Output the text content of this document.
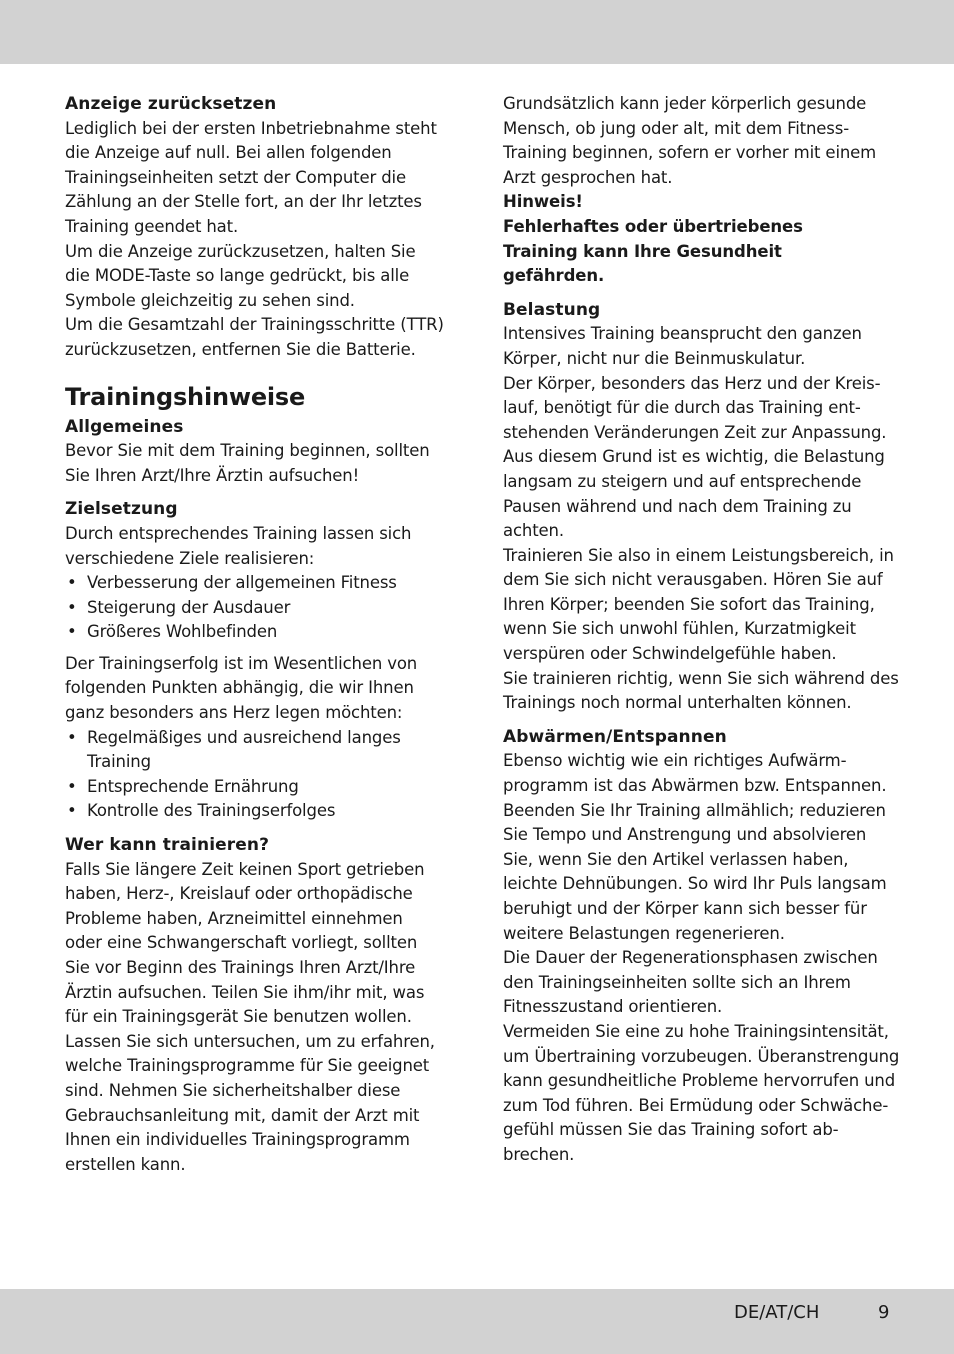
Anzeige zurücksetzen
Lediglich bei der ersten Inbetriebnahme steht
die Anzeige auf null. Bei allen folgenden
Trainingseinheiten setzt der Computer die
Zählung an der Stelle fort, an der Ihr letztes
Training geendet hat.
Um die Anzeige zurückzusetzen, halten Sie
die MODE-Taste so lange gedrückt, bis alle
Symbole gleichzeitig zu sehen sind.
Um die Gesamtzahl der Trainingsschritte (TTR)
zurückzusetzen, entfernen Sie die Batterie.
Trainingshinweise
Allgemeines
Bevor Sie mit dem Training beginnen, sollten
Sie Ihren Arzt/Ihre Ärztin aufsuchen!
Zielsetzung
Durch entsprechendes Training lassen sich
verschiedene Ziele realisieren:
• Verbesserung der allgemeinen Fitness
• Steigerung der Ausdauer
• Größeres Wohlbefinden
Der Trainingserfolg ist im Wesentlichen von
folgenden Punkten abhängig, die wir Ihnen
ganz besonders ans Herz legen möchten:
• Regelmäßiges und ausreichend langes
Training
• Entsprechende Ernährung
• Kontrolle des Trainingserfolges
Wer kann trainieren?
Falls Sie längere Zeit keinen Sport getrieben
haben, Herz-, Kreislauf oder orthopädische
Probleme haben, Arzneimittel einnehmen
oder eine Schwangerschaft vorliegt, sollten
Sie vor Beginn des Trainings Ihren Arzt/Ihre
Ärztin aufsuchen. Teilen Sie ihm/ihr mit, was
für ein Trainingsgerät Sie benutzen wollen.
Lassen Sie sich untersuchen, um zu erfahren,
welche Trainingsprogramme für Sie geeignet
sind. Nehmen Sie sicherheitshalber diese
Gebrauchsanleitung mit, damit der Arzt mit
Ihnen ein individuelles Trainingsprogramm
erstellen kann.
Grundsätzlich kann jeder körperlich gesunde
Mensch, ob jung oder alt, mit dem Fitness-
Training beginnen, sofern er vorher mit einem
Arzt gesprochen hat.
Hinweis!
Fehlerhaftes oder übertriebenes
Training kann Ihre Gesundheit
gefährden.
Belastung
Intensives Training beansprucht den ganzen
Körper, nicht nur die Beinmuskulatur.
Der Körper, besonders das Herz und der Kreis-
lauf, benötigt für die durch das Training ent-
stehenden Veränderungen Zeit zur Anpassung.
Aus diesem Grund ist es wichtig, die Belastung
langsam zu steigern und auf entsprechende
Pausen während und nach dem Training zu
achten.
Trainieren Sie also in einem Leistungsbereich, in
dem Sie sich nicht verausgaben. Hören Sie auf
Ihren Körper; beenden Sie sofort das Training,
wenn Sie sich unwohl fühlen, Kurzatmigkeit
verspüren oder Schwindelgefühle haben.
Sie trainieren richtig, wenn Sie sich während des
Trainings noch normal unterhalten können.
Abwärmen/Entspannen
Ebenso wichtig wie ein richtiges Aufwärm-
programm ist das Abwärmen bzw. Entspannen.
Beenden Sie Ihr Training allmählich; reduzieren
Sie Tempo und Anstrengung und absolvieren
Sie, wenn Sie den Artikel verlassen haben,
leichte Dehnübungen. So wird Ihr Puls langsam
beruhigt und der Körper kann sich besser für
weitere Belastungen regenerieren.
Die Dauer der Regenerationsphasen zwischen
den Trainingseinheiten sollte sich an Ihrem
Fitnesszustand orientieren.
Vermeiden Sie eine zu hohe Trainingsintensität,
um Übertraining vorzubeugen. Überanstrengung
kann gesundheitliche Probleme hervorrufen und
zum Tod führen. Bei Ermüdung oder Schwäche-
gefühl müssen Sie das Training sofort ab-
brechen.
DE/AT/CH	9
